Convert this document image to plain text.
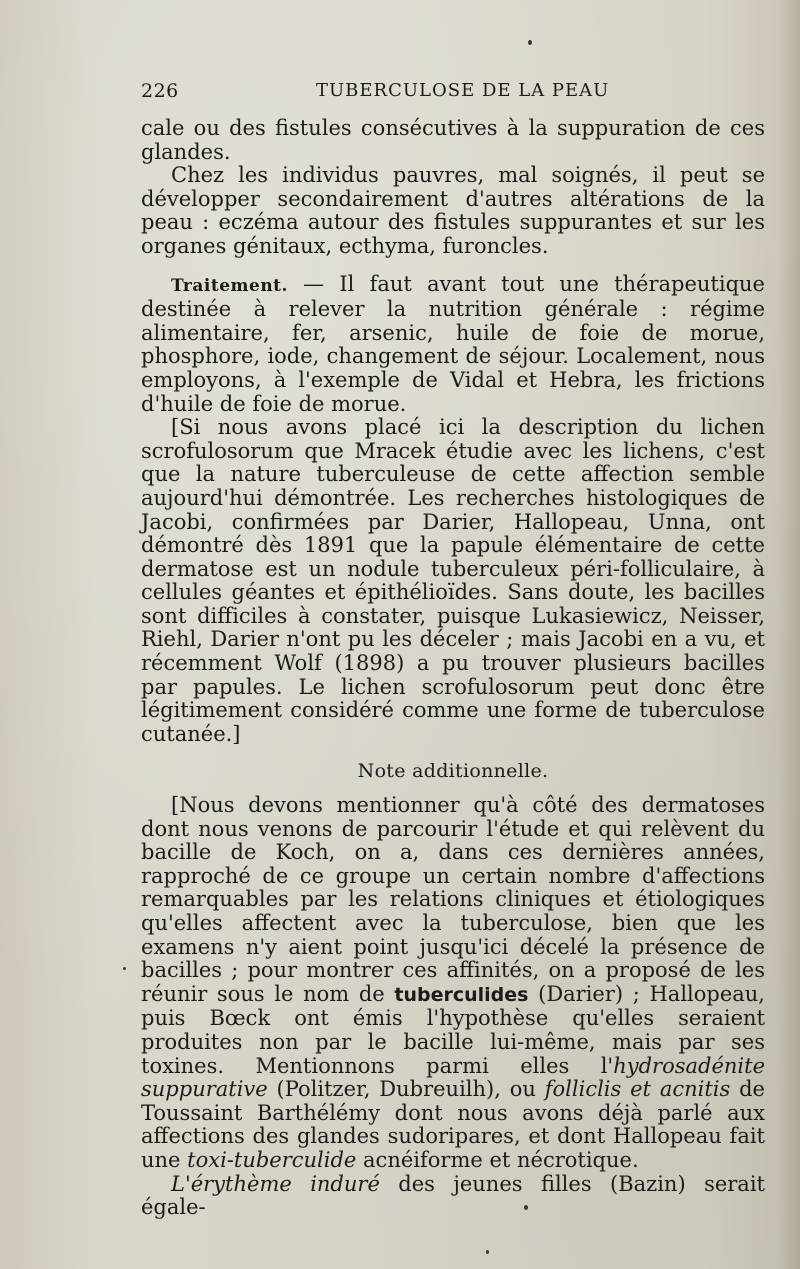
226	TUBERCULOSE DE LA PEAU

cale ou des fistules consécutives à la suppuration de ces glandes.

Chez les individus pauvres, mal soignés, il peut se développer secondairement d'autres altérations de la peau : eczéma autour des fistules suppurantes et sur les organes génitaux, ecthyma, furoncles.

Traitement. — Il faut avant tout une thérapeutique destinée à relever la nutrition générale : régime alimentaire, fer, arsenic, huile de foie de morue, phosphore, iode, changement de séjour. Localement, nous employons, à l'exemple de Vidal et Hebra, les frictions d'huile de foie de morue.

[Si nous avons placé ici la description du lichen scrofulosorum que Mracek étudie avec les lichens, c'est que la nature tuberculeuse de cette affection semble aujourd'hui démontrée. Les recherches histologiques de Jacobi, confirmées par Darier, Hallopeau, Unna, ont démontré dès 1891 que la papule élémentaire de cette dermatose est un nodule tuberculeux péri-folliculaire, à cellules géantes et épithélioïdes. Sans doute, les bacilles sont difficiles à constater, puisque Lukasiewicz, Neisser, Riehl, Darier n'ont pu les déceler ; mais Jacobi en a vu, et récemment Wolf (1898) a pu trouver plusieurs bacilles par papules. Le lichen scrofulosorum peut donc être légitimement considéré comme une forme de tuberculose cutanée.]

Note additionnelle.

[Nous devons mentionner qu'à côté des dermatoses dont nous venons de parcourir l'étude et qui relèvent du bacille de Koch, on a, dans ces dernières années, rapproché de ce groupe un certain nombre d'affections remarquables par les relations cliniques et étiologiques qu'elles affectent avec la tuberculose, bien que les examens n'y aient point jusqu'ici décelé la présence de bacilles ; pour montrer ces affinités, on a proposé de les réunir sous le nom de tuberculides (Darier) ; Hallopeau, puis Bœck ont émis l'hypothèse qu'elles seraient produites non par le bacille lui-même, mais par ses toxines. Mentionnons parmi elles l'hydrosadénite suppurative (Politzer, Dubreuilh), ou folliclis et acnitis de Toussaint Barthélémy dont nous avons déjà parlé aux affections des glandes sudoripares, et dont Hallopeau fait une toxi-tuberculide acnéiforme et nécrotique.

L'érythème induré des jeunes filles (Bazin) serait égale-
